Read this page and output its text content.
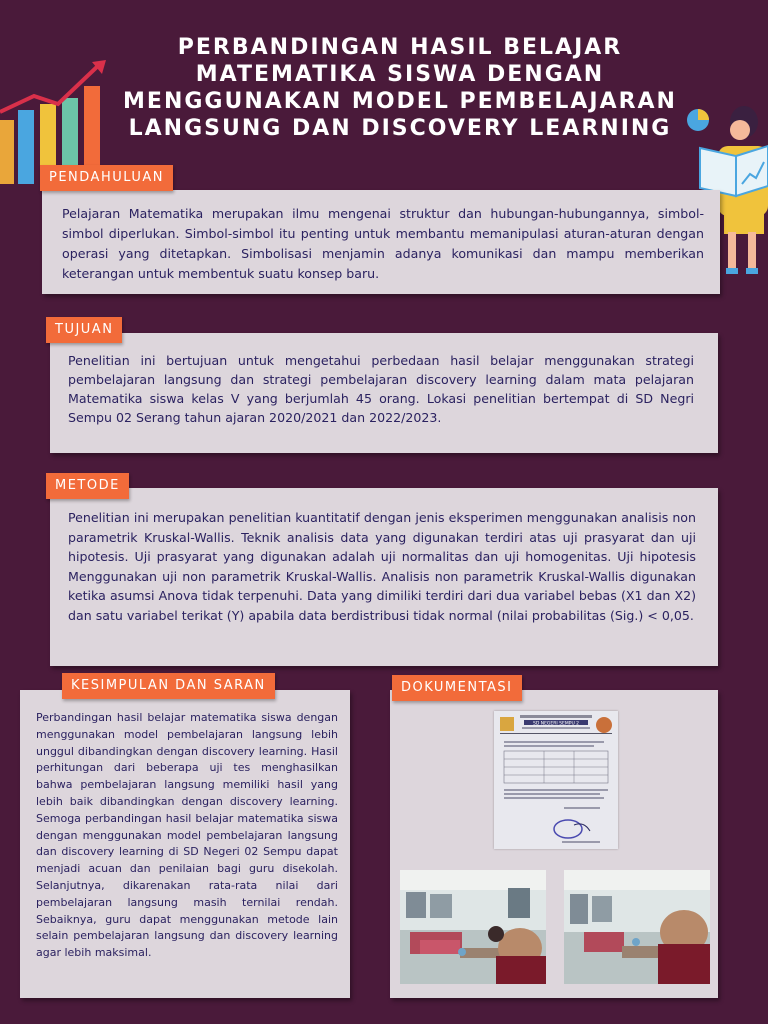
PERBANDINGAN HASIL BELAJAR MATEMATIKA SISWA DENGAN MENGGUNAKAN MODEL PEMBELAJARAN LANGSUNG DAN DISCOVERY LEARNING

Pelajaran Matematika merupakan ilmu mengenai struktur dan hubungan-hubungannya, simbol-simbol diperlukan. Simbol-simbol itu penting untuk membantu memanipulasi aturan-aturan dengan operasi yang ditetapkan. Simbolisasi menjamin adanya komunikasi dan mampu memberikan keterangan untuk membentuk suatu konsep baru.

PENDAHULUAN

Penelitian ini bertujuan untuk mengetahui perbedaan hasil belajar menggunakan strategi pembelajaran langsung dan strategi pembelajaran discovery learning dalam mata pelajaran Matematika siswa kelas V yang berjumlah 45 orang. Lokasi penelitian bertempat di SD Negri Sempu 02 Serang tahun ajaran 2020/2021 dan 2022/2023.

TUJUAN

Penelitian ini merupakan penelitian kuantitatif dengan jenis eksperimen menggunakan analisis non parametrik Kruskal-Wallis. Teknik analisis data yang digunakan terdiri atas uji prasyarat dan uji hipotesis. Uji prasyarat yang digunakan adalah uji normalitas dan uji homogenitas. Uji hipotesis Menggunakan uji non parametrik Kruskal-Wallis. Analisis non parametrik Kruskal-Wallis digunakan ketika asumsi Anova tidak terpenuhi. Data yang dimiliki terdiri dari dua variabel bebas (X1 dan X2) dan satu variabel terikat (Y) apabila data berdistribusi tidak normal (nilai probabilitas (Sig.) < 0,05.

METODE

Perbandingan hasil belajar matematika siswa dengan menggunakan model pembelajaran langsung lebih unggul dibandingkan dengan discovery learning. Hasil perhitungan dari beberapa uji tes menghasilkan bahwa pembelajaran langsung memiliki hasil yang lebih baik dibandingkan dengan discovery learning. Semoga perbandingan hasil belajar matematika siswa dengan menggunakan model pembelajaran langsung dan discovery learning di SD Negeri 02 Sempu dapat menjadi acuan dan penilaian bagi guru disekolah. Selanjutnya, dikarenakan rata-rata nilai dari pembelajaran langsung masih ternilai rendah. Sebaiknya, guru dapat menggunakan metode lain selain pembelajaran langsung dan discovery learning agar lebih maksimal.

KESIMPULAN DAN SARAN
SD NEGERI SEMPU 2
DOKUMENTASI
